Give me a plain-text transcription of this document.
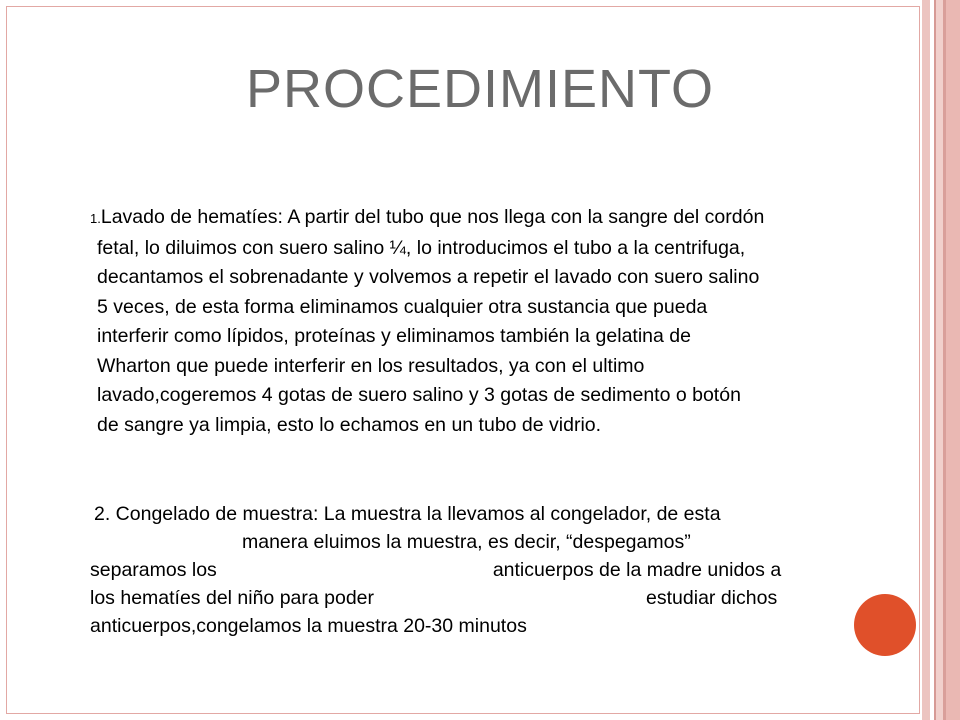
PROCEDIMIENTO
1.Lavado de hematíes: A partir del tubo que nos llega con la sangre del cordón
fetal, lo diluimos con suero salino ¼, lo introducimos el tubo a la centrifuga,
decantamos el sobrenadante y volvemos a repetir el lavado con suero salino
5 veces, de esta forma eliminamos cualquier otra sustancia que pueda
interferir como lípidos, proteínas y eliminamos también la gelatina de
Wharton que puede interferir en los resultados, ya con el ultimo
lavado,cogeremos 4 gotas de suero salino y 3 gotas de sedimento o botón
de sangre ya limpia, esto lo echamos en un tubo de vidrio.
2. Congelado de muestra: La muestra la llevamos al congelador, de esta
manera eluimos la muestra, es decir, “despegamos”
separamos los	anticuerpos de la madre unidos a
los hematíes del niño para poder	estudiar dichos
anticuerpos,congelamos la muestra 20-30 minutos
